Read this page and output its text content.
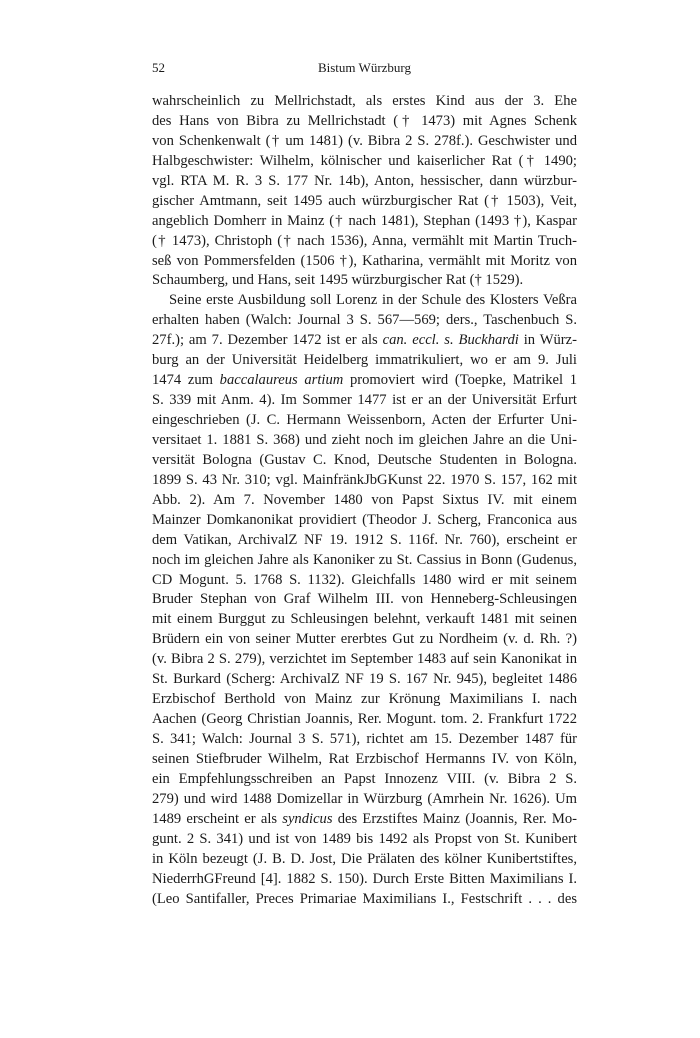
52	Bistum Würzburg
wahrscheinlich zu Mellrichstadt, als erstes Kind aus der 3. Ehe
des Hans von Bibra zu Mellrichstadt († 1473) mit Agnes Schenk
von Schenkenwalt († um 1481) (v. Bibra 2 S. 278f.). Geschwister und
Halbgeschwister: Wilhelm, kölnischer und kaiserlicher Rat († 1490;
vgl. RTA M. R. 3 S. 177 Nr. 14b), Anton, hessischer, dann würzbur-
gischer Amtmann, seit 1495 auch würzburgischer Rat († 1503), Veit,
angeblich Domherr in Mainz († nach 1481), Stephan (1493 †), Kaspar
(† 1473), Christoph († nach 1536), Anna, vermählt mit Martin Truch-
seß von Pommersfelden (1506 †), Katharina, vermählt mit Moritz von
Schaumberg, und Hans, seit 1495 würzburgischer Rat († 1529).
Seine erste Ausbildung soll Lorenz in der Schule des Klosters Veßra
erhalten haben (Walch: Journal 3 S. 567—569; ders., Taschenbuch S.
27f.); am 7. Dezember 1472 ist er als can. eccl. s. Buckhardi in Würz-
burg an der Universität Heidelberg immatrikuliert, wo er am 9. Juli
1474 zum baccalaureus artium promoviert wird (Toepke, Matrikel 1
S. 339 mit Anm. 4). Im Sommer 1477 ist er an der Universität Erfurt
eingeschrieben (J. C. Hermann Weissenborn, Acten der Erfurter Uni-
versitaet 1. 1881 S. 368) und zieht noch im gleichen Jahre an die Uni-
versität Bologna (Gustav C. Knod, Deutsche Studenten in Bologna.
1899 S. 43 Nr. 310; vgl. MainfränkJbGKunst 22. 1970 S. 157, 162 mit
Abb. 2). Am 7. November 1480 von Papst Sixtus IV. mit einem
Mainzer Domkanonikat providiert (Theodor J. Scherg, Franconica aus
dem Vatikan, ArchivalZ NF 19. 1912 S. 116f. Nr. 760), erscheint er
noch im gleichen Jahre als Kanoniker zu St. Cassius in Bonn (Gudenus,
CD Mogunt. 5. 1768 S. 1132). Gleichfalls 1480 wird er mit seinem
Bruder Stephan von Graf Wilhelm III. von Henneberg-Schleusingen
mit einem Burggut zu Schleusingen belehnt, verkauft 1481 mit seinen
Brüdern ein von seiner Mutter ererbtes Gut zu Nordheim (v. d. Rh. ?)
(v. Bibra 2 S. 279), verzichtet im September 1483 auf sein Kanonikat in
St. Burkard (Scherg: ArchivalZ NF 19 S. 167 Nr. 945), begleitet 1486
Erzbischof Berthold von Mainz zur Krönung Maximilians I. nach
Aachen (Georg Christian Joannis, Rer. Mogunt. tom. 2. Frankfurt 1722
S. 341; Walch: Journal 3 S. 571), richtet am 15. Dezember 1487 für
seinen Stiefbruder Wilhelm, Rat Erzbischof Hermanns IV. von Köln,
ein Empfehlungsschreiben an Papst Innozenz VIII. (v. Bibra 2 S.
279) und wird 1488 Domizellar in Würzburg (Amrhein Nr. 1626). Um
1489 erscheint er als syndicus des Erzstiftes Mainz (Joannis, Rer. Mo-
gunt. 2 S. 341) und ist von 1489 bis 1492 als Propst von St. Kunibert
in Köln bezeugt (J. B. D. Jost, Die Prälaten des kölner Kunibertstiftes,
NiederrhGFreund [4]. 1882 S. 150). Durch Erste Bitten Maximilians I.
(Leo Santifaller, Preces Primariae Maximilians I., Festschrift . . . des
